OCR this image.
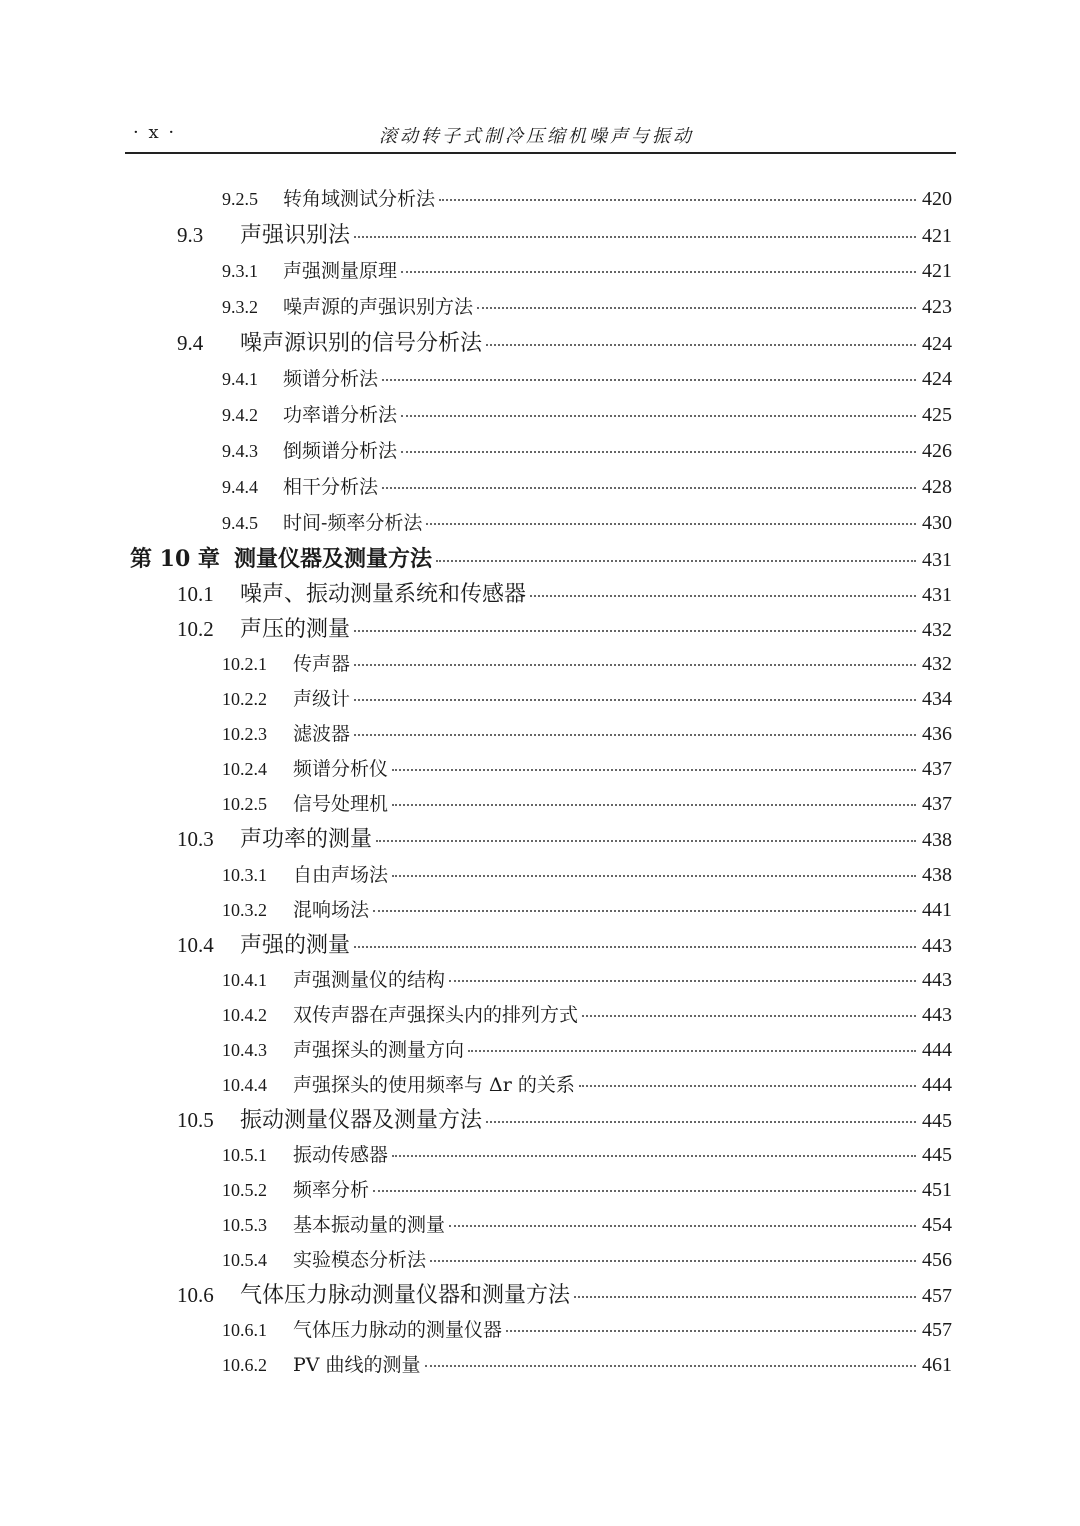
· x ·	滚动转子式制冷压缩机噪声与振动
9.2.5	转角域测试分析法	420
9.3	声强识别法	421
9.3.1	声强测量原理	421
9.3.2	噪声源的声强识别方法	423
9.4	噪声源识别的信号分析法	424
9.4.1	频谱分析法	424
9.4.2	功率谱分析法	425
9.4.3	倒频谱分析法	426
9.4.4	相干分析法	428
9.4.5	时间-频率分析法	430
第 10 章 测量仪器及测量方法	431
10.1	噪声、振动测量系统和传感器	431
10.2	声压的测量	432
10.2.1	传声器	432
10.2.2	声级计	434
10.2.3	滤波器	436
10.2.4	频谱分析仪	437
10.2.5	信号处理机	437
10.3	声功率的测量	438
10.3.1	自由声场法	438
10.3.2	混响场法	441
10.4	声强的测量	443
10.4.1	声强测量仪的结构	443
10.4.2	双传声器在声强探头内的排列方式	443
10.4.3	声强探头的测量方向	444
10.4.4	声强探头的使用频率与 Δr 的关系	444
10.5	振动测量仪器及测量方法	445
10.5.1	振动传感器	445
10.5.2	频率分析	451
10.5.3	基本振动量的测量	454
10.5.4	实验模态分析法	456
10.6	气体压力脉动测量仪器和测量方法	457
10.6.1	气体压力脉动的测量仪器	457
10.6.2	PV 曲线的测量	461
